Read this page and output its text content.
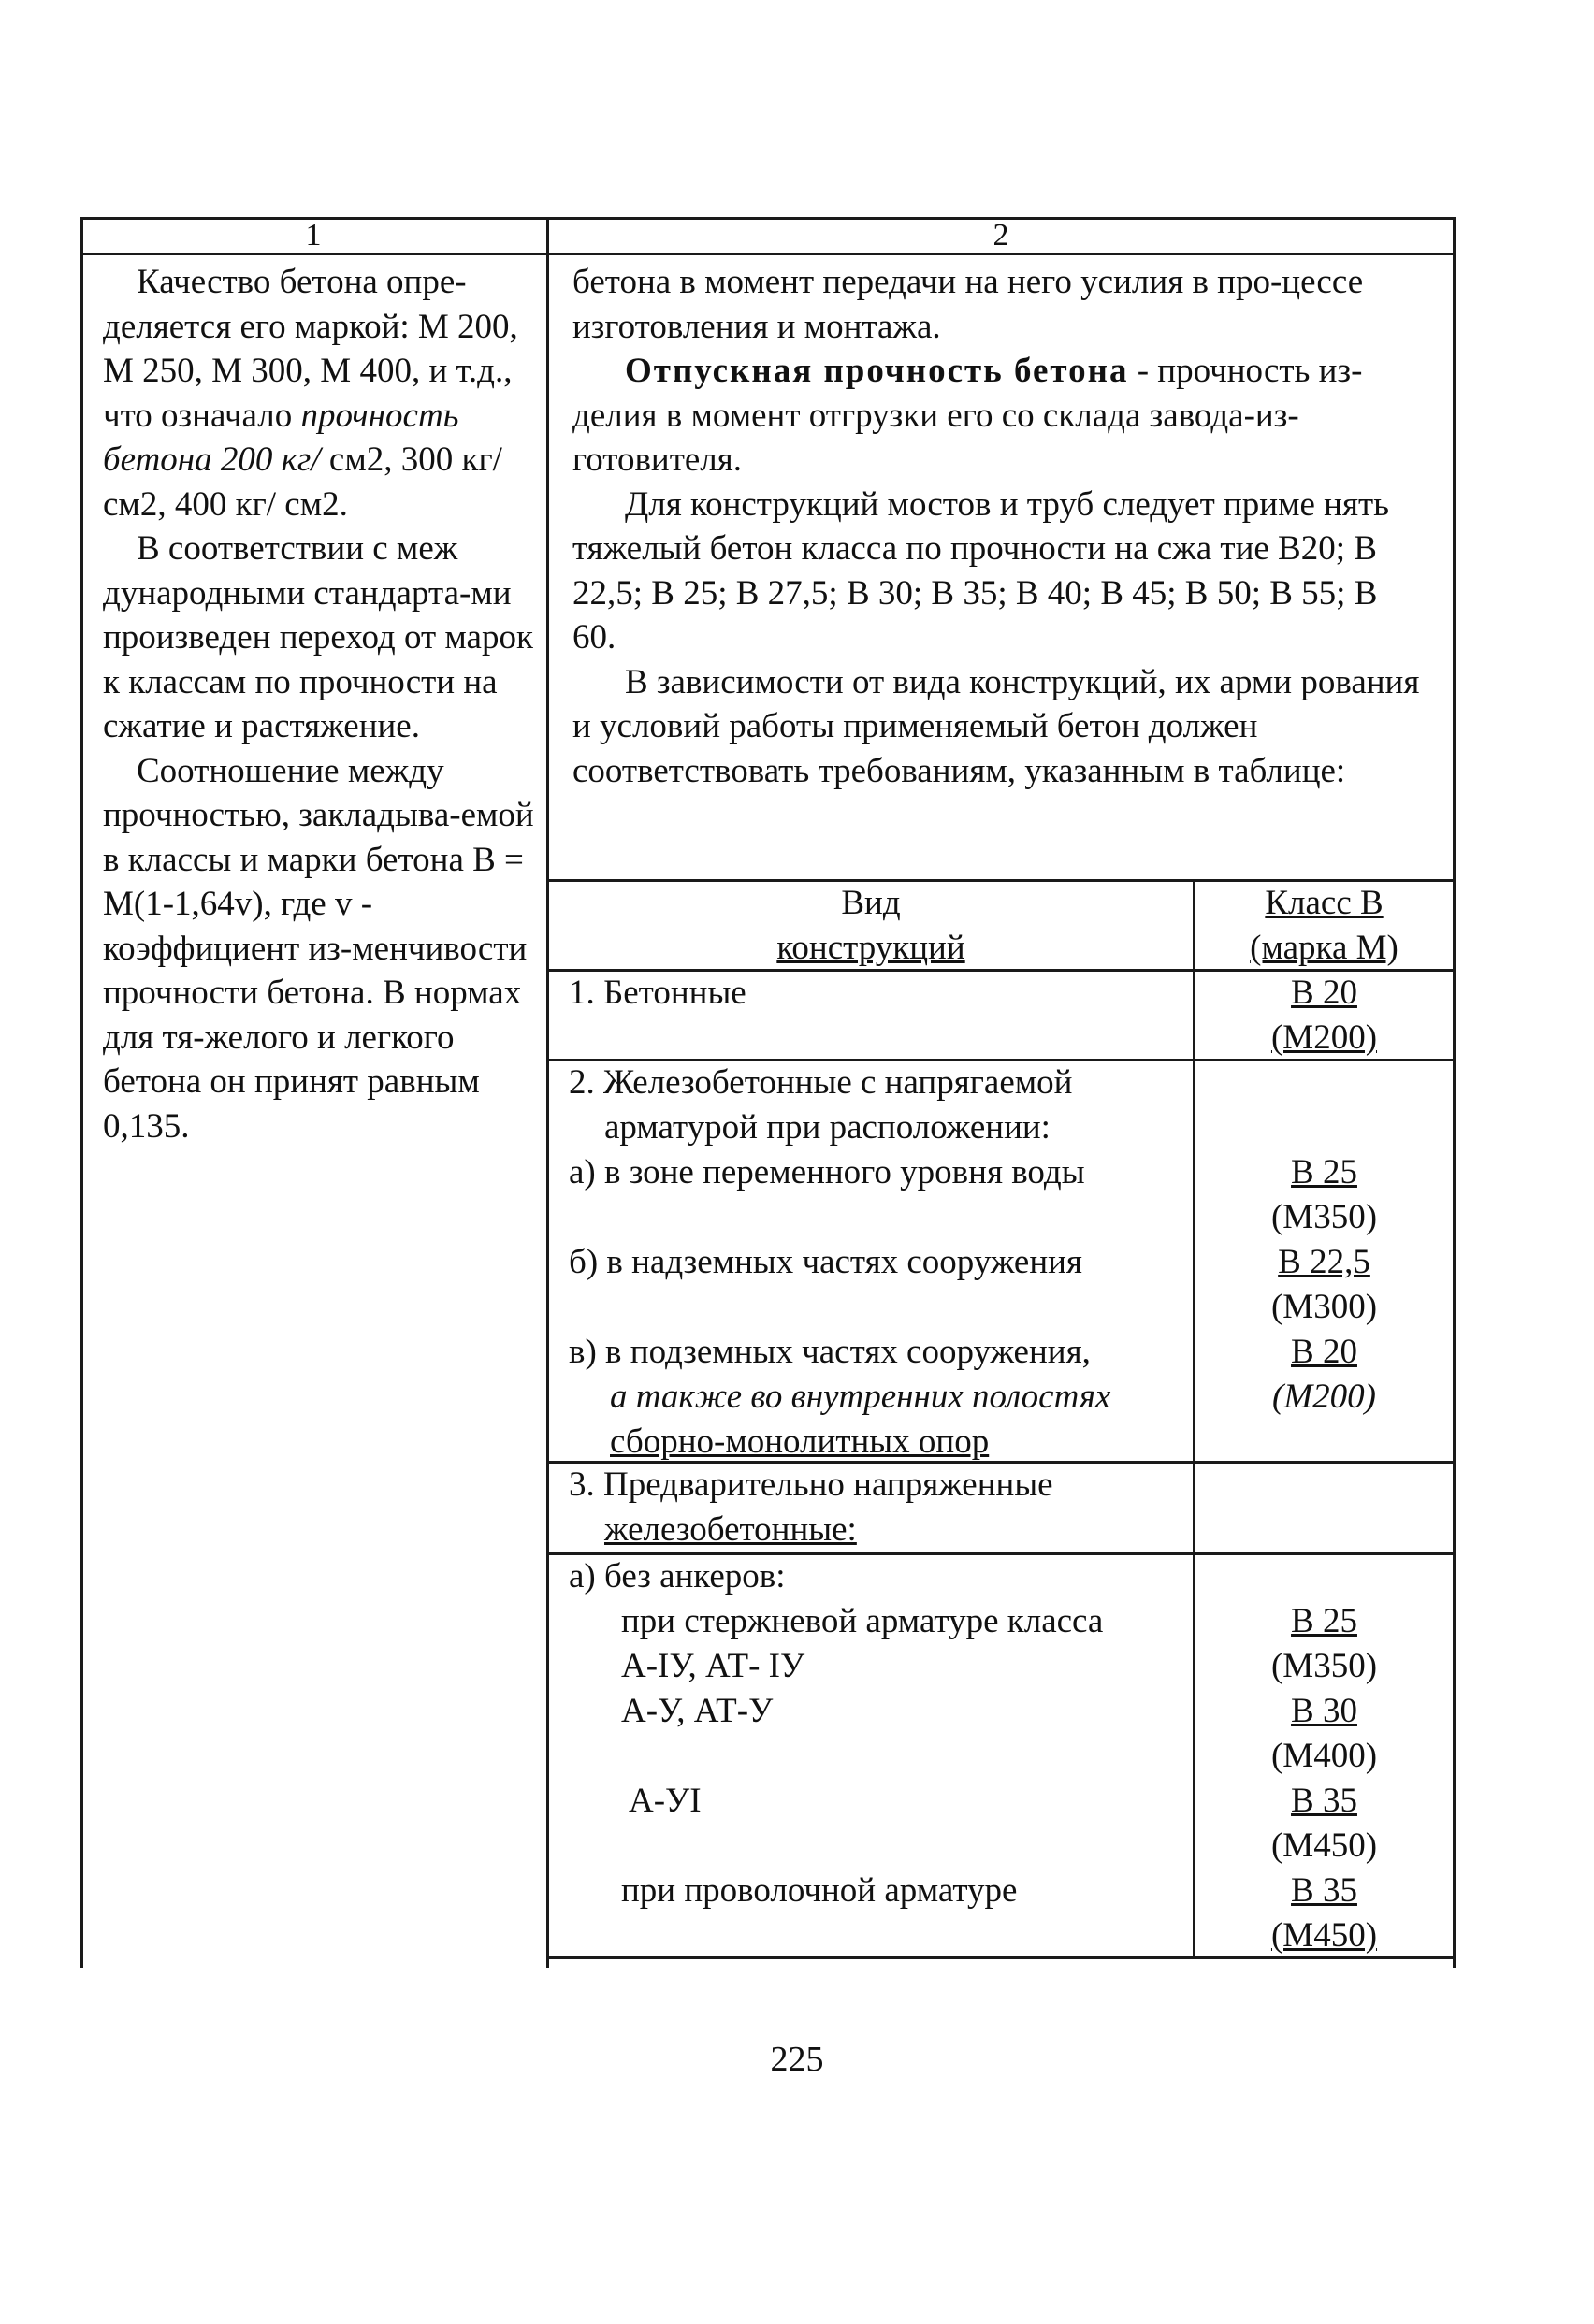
1	2

Качество бетона опре-деляется его маркой: М 200, М 250, М 300, М 400, и т.д., что означало прочность бетона 200 кг/ см2, 300 кг/см2, 400 кг/ см2.

В соответствии с меж дународными стандарта-ми произведен переход от марок к классам по прочности на сжатие и растяжение.

Соотношение между прочностью, закладыва-емой в классы и марки бетона В = М(1-1,64v), где v - коэффициент из-менчивости прочности бетона. В нормах для тя-желого и легкого бетона он принят равным 0,135.

бетона в момент передачи на него усилия в про-цессе изготовления и монтажа.

Отпускная прочность бетона - прочность из-делия в момент отгрузки его со склада завода-из-готовителя.

Для конструкций мостов и труб следует приме нять тяжелый бетон класса по прочности на сжа тие В20; В 22,5; В 25; В 27,5; В 30; В 35; В 40; В 45; В 50; В 55; В 60.

В зависимости от вида конструкций, их арми рования и условий работы применяемый бетон должен соответствовать требованиям, указанным в таблице:

Вид
конструкций
Класс В
(марка М)
1. Бетонные	В 20
(М200)
2. Железобетонные с напрягаемой
арматурой при расположении:
а) в зоне переменного уровня воды
б) в надземных частях сооружения
в) в подземных частях сооружения,
а также во внутренних полостях
сборно-монолитных опор
В 25
(М350)
В 22,5
(М300)
В 20
(М200)
3. Предварительно напряженные
железобетонные:
а) без анкеров:
при стержневой арматуре класса
А-IУ, АТ- IУ
А-У, АТ-У
А-УI
при проволочной арматуре
В 25
(М350)
В 30
(М400)
В 35
(М450)
В 35
(М450)
225
